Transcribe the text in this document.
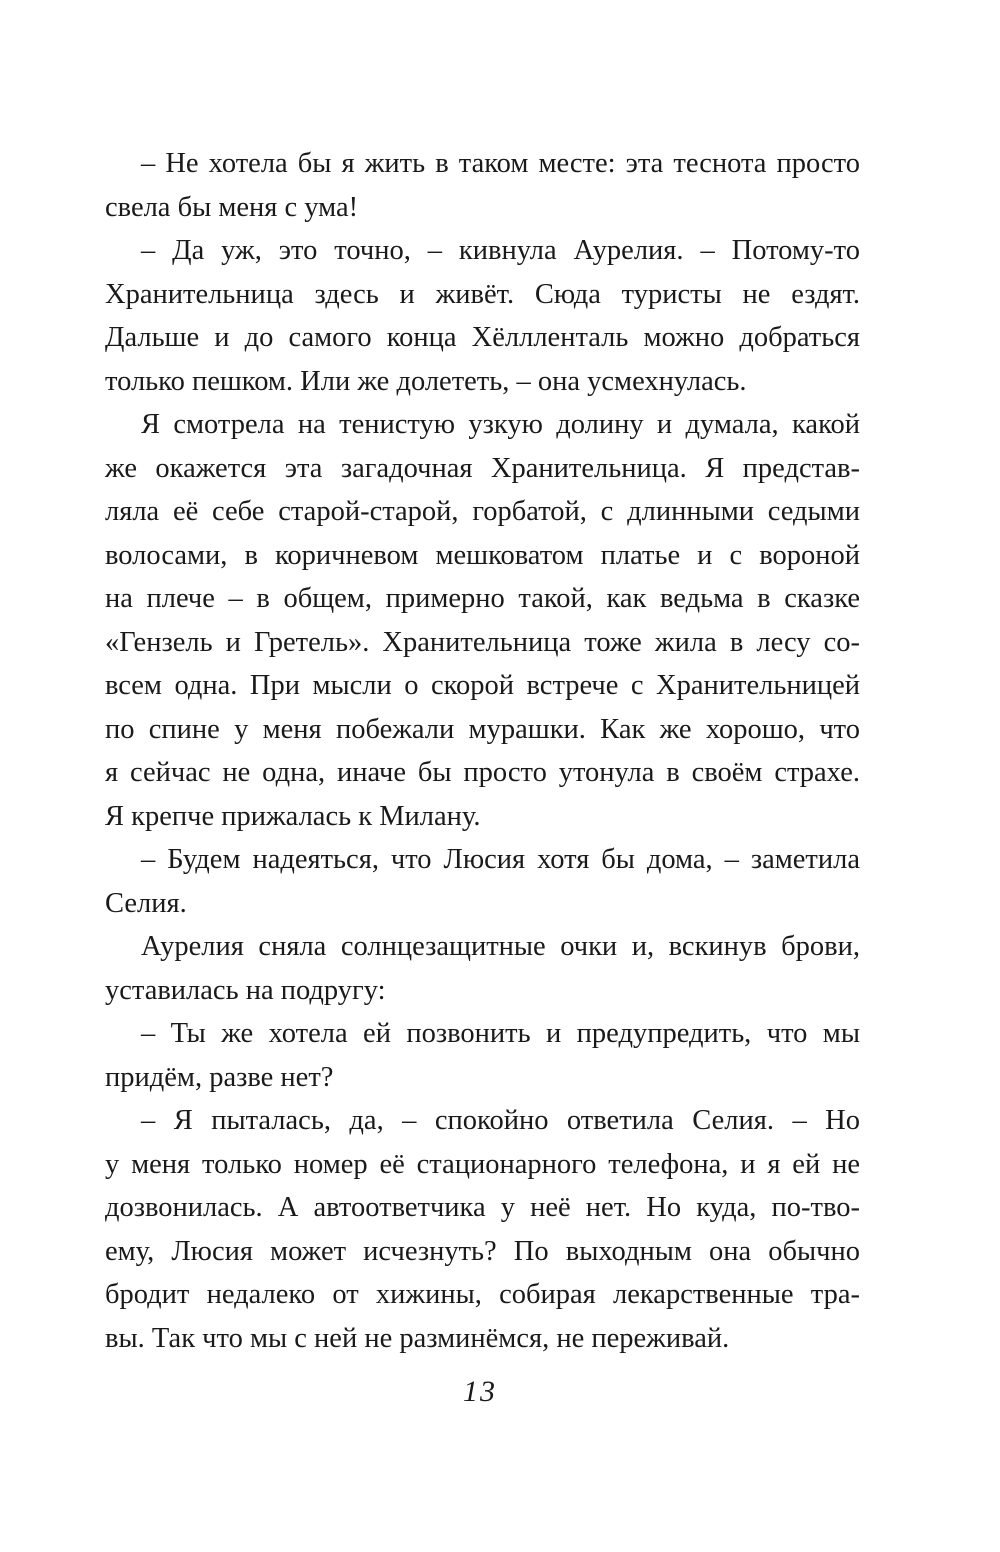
– Не хотела бы я жить в таком месте: эта теснота просто
свела бы меня с ума!
– Да уж, это точно, – кивнула Аурелия. – Потому-то
Хранительница здесь и живёт. Сюда туристы не ездят.
Дальше и до самого конца Хёллленталь можно добраться
только пешком. Или же долететь, – она усмехнулась.
Я смотрела на тенистую узкую долину и думала, какой
же окажется эта загадочная Хранительница. Я представ-
ляла её себе старой-старой, горбатой, с длинными седыми
волосами, в коричневом мешковатом платье и с вороной
на плече – в общем, примерно такой, как ведьма в сказке
«Гензель и Гретель». Хранительница тоже жила в лесу со-
всем одна. При мысли о скорой встрече с Хранительницей
по спине у меня побежали мурашки. Как же хорошо, что
я сейчас не одна, иначе бы просто утонула в своём страхе.
Я крепче прижалась к Милану.
– Будем надеяться, что Люсия хотя бы дома, – заметила
Селия.
Аурелия сняла солнцезащитные очки и, вскинув брови,
уставилась на подругу:
– Ты же хотела ей позвонить и предупредить, что мы
придём, разве нет?
– Я пыталась, да, – спокойно ответила Селия. – Но
у меня только номер её стационарного телефона, и я ей не
дозвонилась. А автоответчика у неё нет. Но куда, по-тво-
ему, Люсия может исчезнуть? По выходным она обычно
бродит недалеко от хижины, собирая лекарственные тра-
вы. Так что мы с ней не разминёмся, не переживай.
13
